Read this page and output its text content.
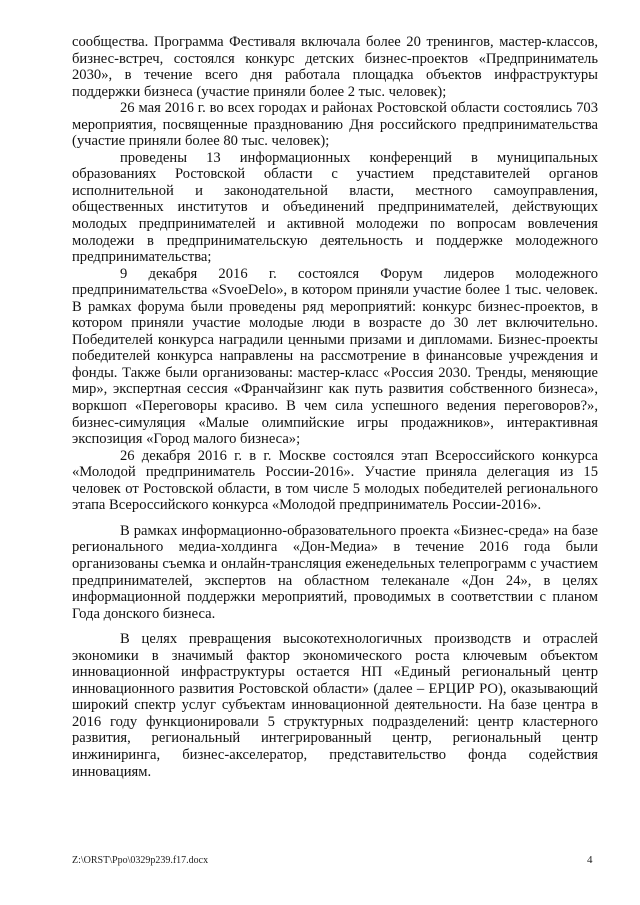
сообщества. Программа Фестиваля включала более 20 тренингов, мастер-классов, бизнес-встреч, состоялся конкурс детских бизнес-проектов «Предприниматель 2030», в течение всего дня работала площадка объектов инфраструктуры поддержки бизнеса (участие приняли более 2 тыс. человек);

26 мая 2016 г. во всех городах и районах Ростовской области состоялись 703 мероприятия, посвященные празднованию Дня российского предпринимательства (участие приняли более 80 тыс. человек);

проведены 13 информационных конференций в муниципальных образованиях Ростовской области с участием представителей органов исполнительной и законодательной власти, местного самоуправления, общественных институтов и объединений предпринимателей, действующих молодых предпринимателей и активной молодежи по вопросам вовлечения молодежи в предпринимательскую деятельность и поддержке молодежного предпринимательства;

9 декабря 2016 г. состоялся Форум лидеров молодежного предпринимательства «SvoeDelo», в котором приняли участие более 1 тыс. человек. В рамках форума были проведены ряд мероприятий: конкурс бизнес-проектов, в котором приняли участие молодые люди в возрасте до 30 лет включительно. Победителей конкурса наградили ценными призами и дипломами. Бизнес-проекты победителей конкурса направлены на рассмотрение в финансовые учреждения и фонды. Также были организованы: мастер-класс «Россия 2030. Тренды, меняющие мир», экспертная сессия «Франчайзинг как путь развития собственного бизнеса», воркшоп «Переговоры красиво. В чем сила успешного ведения переговоров?», бизнес-симуляция «Малые олимпийские игры продажников», интерактивная экспозиция «Город малого бизнеса»;

26 декабря 2016 г. в г. Москве состоялся этап Всероссийского конкурса «Молодой предприниматель России-2016». Участие приняла делегация из 15 человек от Ростовской области, в том числе 5 молодых победителей регионального этапа Всероссийского конкурса «Молодой предприниматель России-2016».

В рамках информационно-образовательного проекта «Бизнес-среда» на базе регионального медиа-холдинга «Дон-Медиа» в течение 2016 года были организованы съемка и онлайн-трансляция еженедельных телепрограмм с участием предпринимателей, экспертов на областном телеканале «Дон 24», в целях информационной поддержки мероприятий, проводимых в соответствии с планом Года донского бизнеса.

В целях превращения высокотехнологичных производств и отраслей экономики в значимый фактор экономического роста ключевым объектом инновационной инфраструктуры остается НП «Единый региональный центр инновационного развития Ростовской области» (далее – ЕРЦИР РО), оказывающий широкий спектр услуг субъектам инновационной деятельности. На базе центра в 2016 году функционировали 5 структурных подразделений: центр кластерного развития, региональный интегрированный центр, региональный центр инжиниринга, бизнес-акселератор, представительство фонда содействия инновациям.

Z:\ORST\Ppo\0329p239.f17.docx	4
